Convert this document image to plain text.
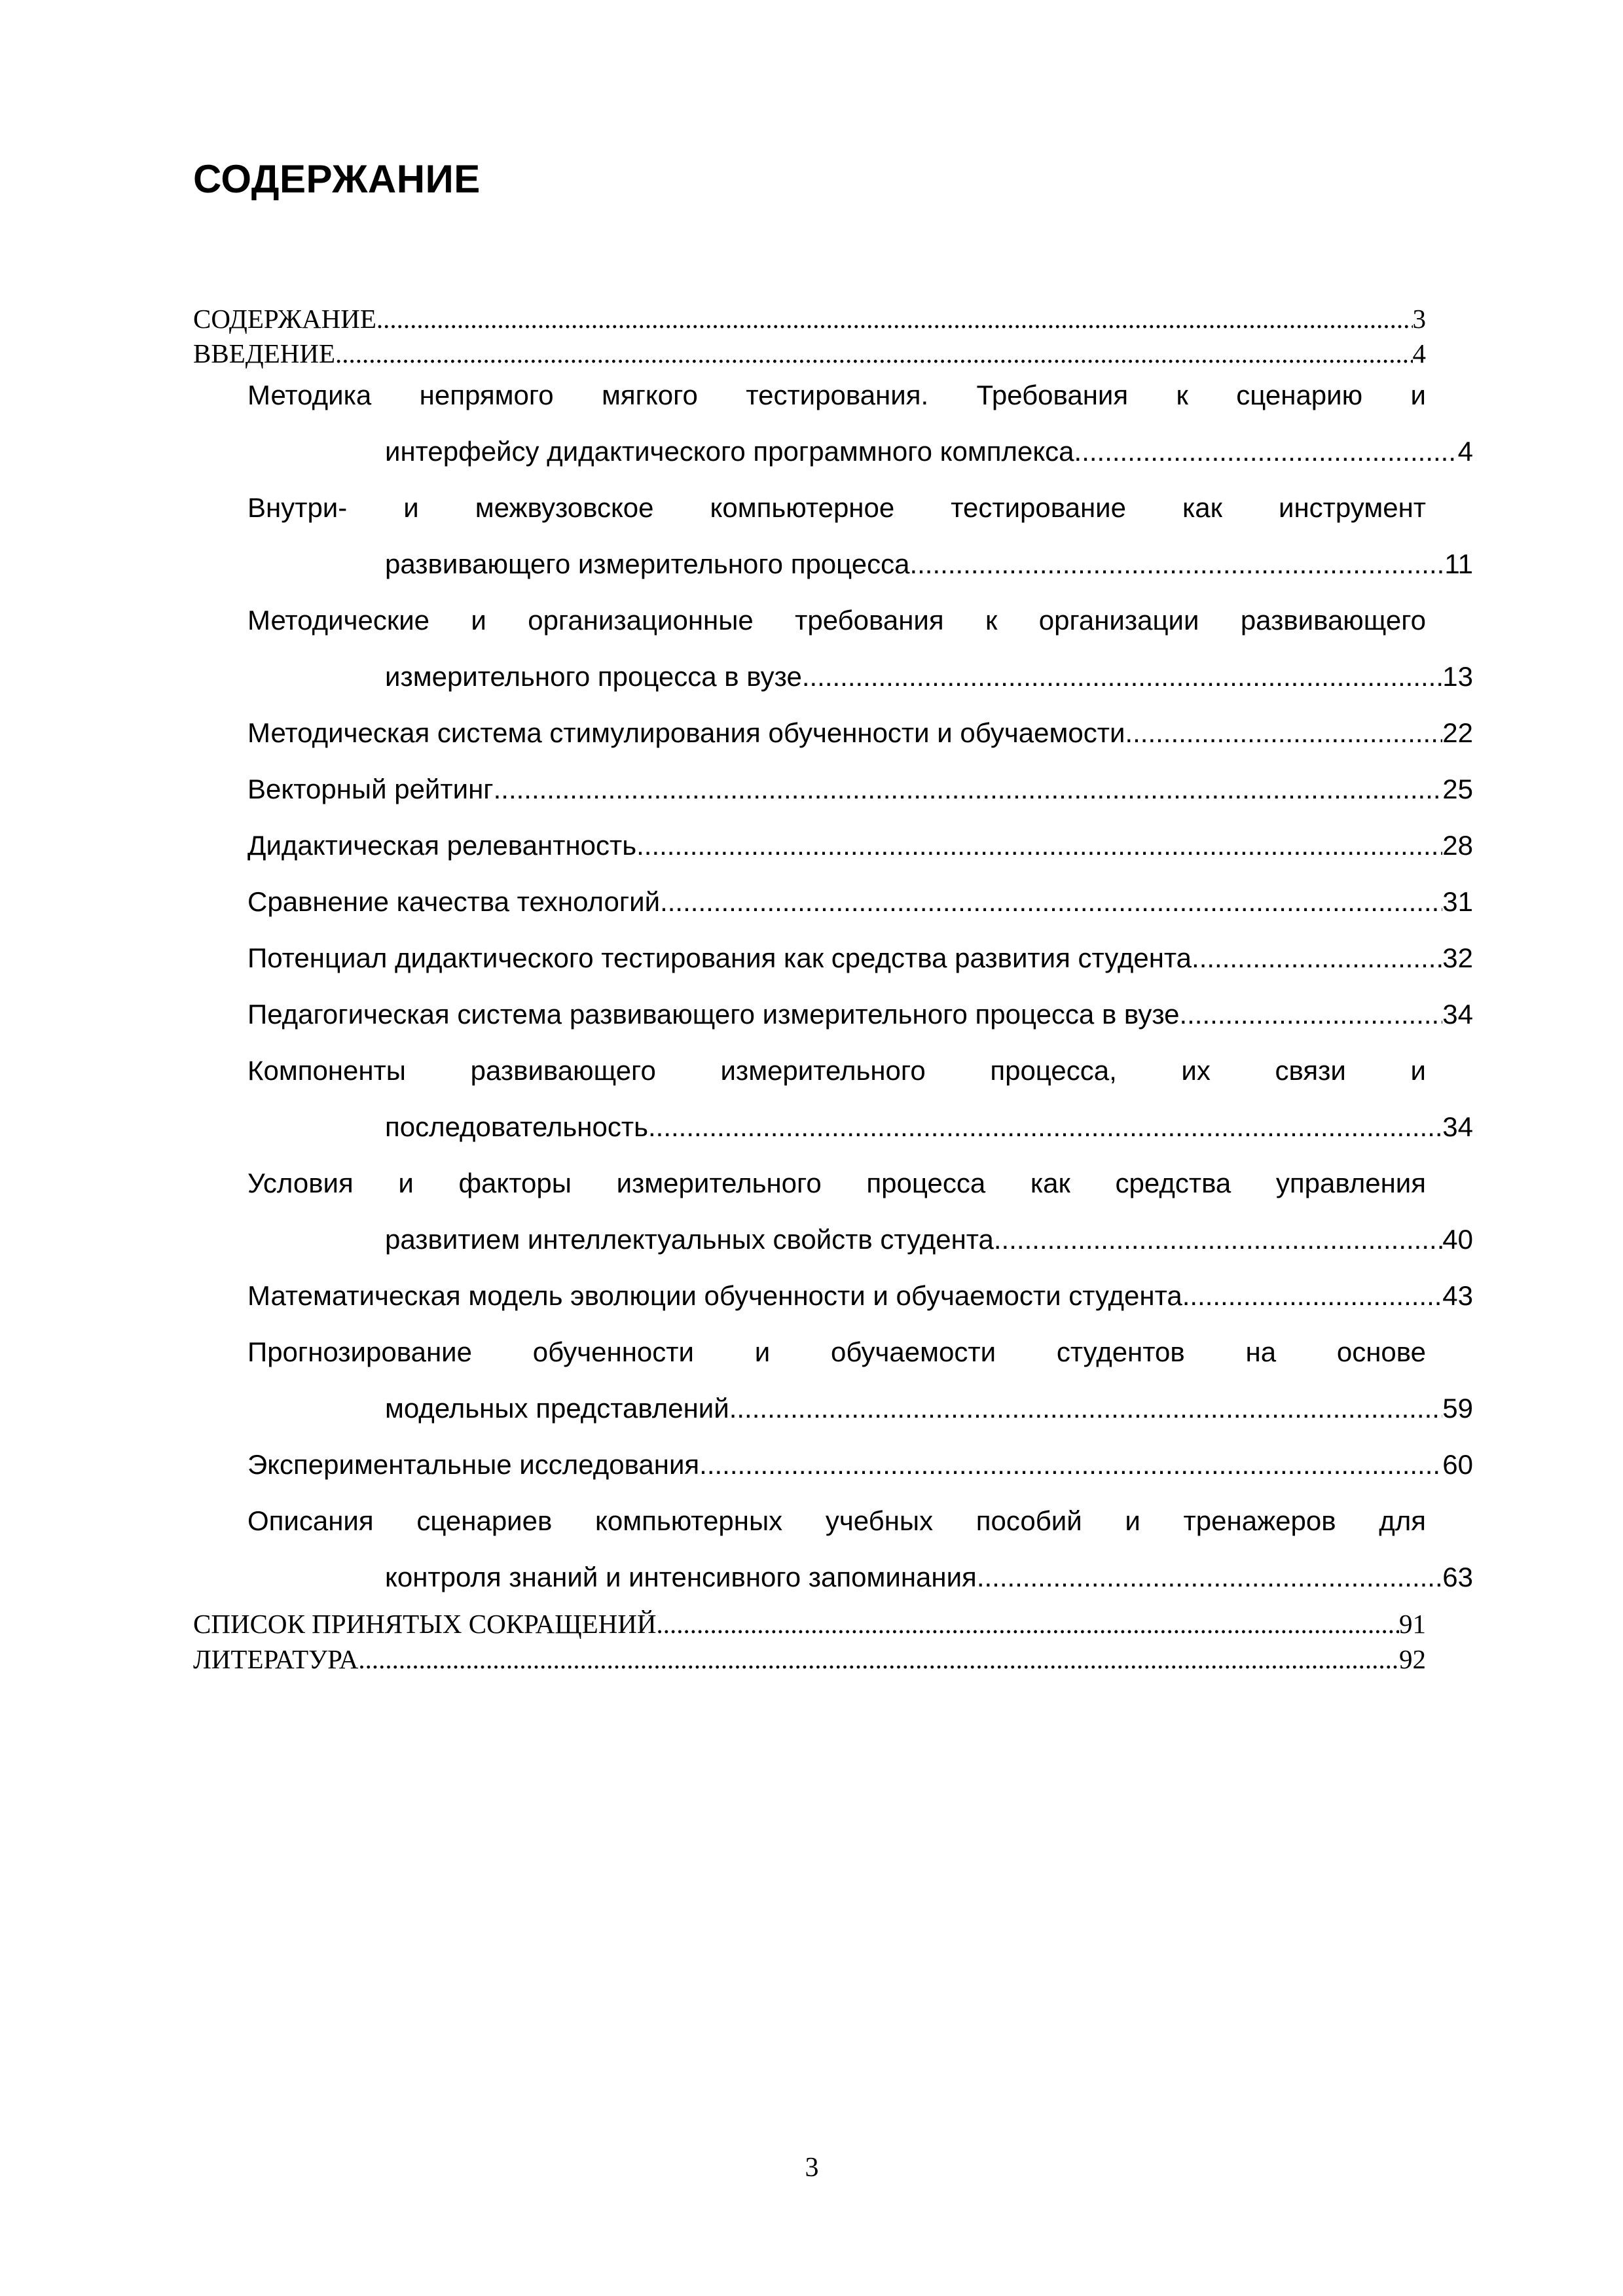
СОДЕРЖАНИЕ
СОДЕРЖАНИЕ .....	3
ВВЕДЕНИЕ .....	4
Методика непрямого мягкого тестирования. Требования к сценарию и
интерфейсу дидактического программного комплекса .....	4
Внутри- и межвузовское компьютерное тестирование как инструмент
развивающего измерительного процесса .....	11
Методические и организационные требования к организации развивающего
измерительного процесса в вузе .....	13
Методическая система стимулирования обученности и обучаемости .....	22
Векторный рейтинг .....	25
Дидактическая релевантность .....	28
Сравнение качества технологий .....	31
Потенциал дидактического тестирования как средства развития студента .....	32
Педагогическая система развивающего измерительного процесса в вузе .....	34
Компоненты развивающего измерительного процесса, их связи и
последовательность .....	34
Условия и факторы измерительного процесса как средства управления
развитием интеллектуальных свойств студента .....	40
Математическая модель эволюции обученности и обучаемости студента .....	43
Прогнозирование обученности и обучаемости студентов на основе
модельных представлений .....	59
Экспериментальные исследования .....	60
Описания сценариев компьютерных учебных пособий и тренажеров для
контроля знаний и интенсивного запоминания .....	63
СПИСОК ПРИНЯТЫХ СОКРАЩЕНИЙ .....	91
ЛИТЕРАТУРА .....	92
3
